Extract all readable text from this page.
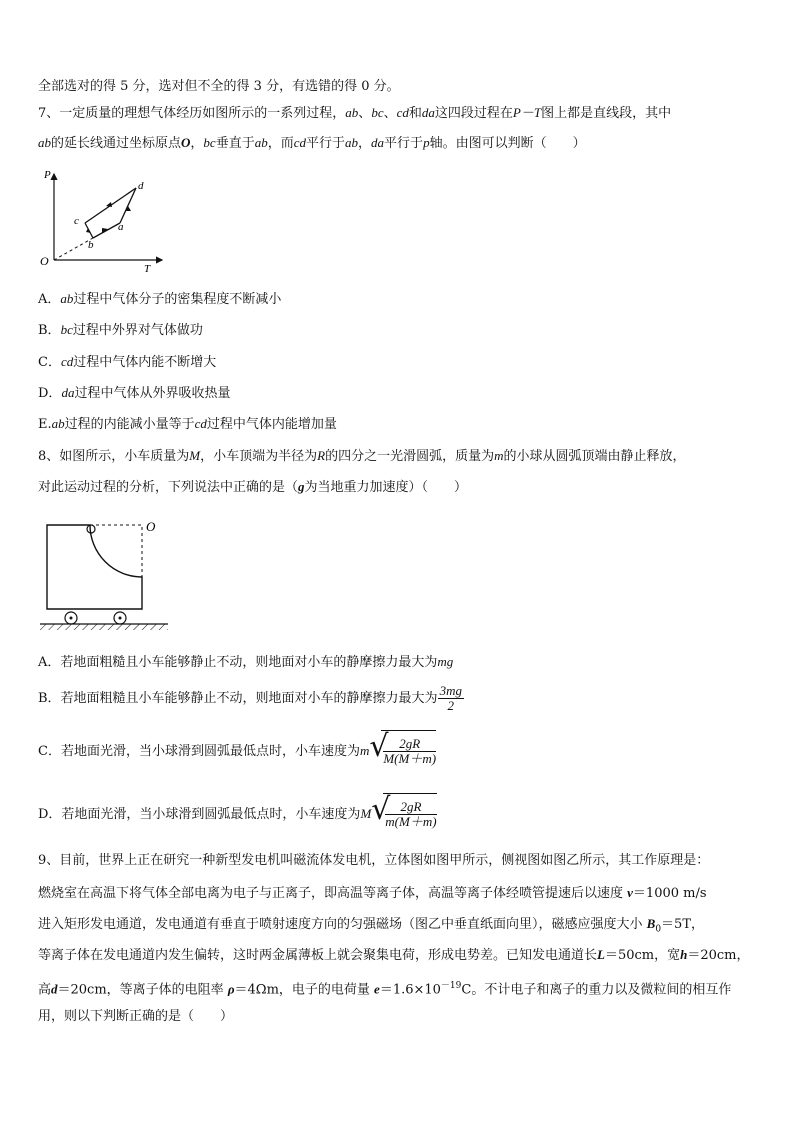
全部选对的得 5 分，选对但不全的得 3 分，有选错的得 0 分。
7、一定质量的理想气体经历如图所示的一系列过程，ab、bc、cd和da这四段过程在P－T图上都是直线段，其中
ab的延长线通过坐标原点O，bc垂直于ab，而cd平行于ab，da平行于p轴。由图可以判断（　　）
P
T
O
a
b
c
d
A．ab过程中气体分子的密集程度不断减小
B．bc过程中外界对气体做功
C．cd过程中气体内能不断增大
D．da过程中气体从外界吸收热量
E.ab过程的内能减小量等于cd过程中气体内能增加量
8、如图所示，小车质量为M，小车顶端为半径为R的四分之一光滑圆弧，质量为m的小球从圆弧顶端由静止释放，
对此运动过程的分析，下列说法中正确的是（g为当地重力加速度）（　　）
O
A．若地面粗糙且小车能够静止不动，则地面对小车的静摩擦力最大为mg
B．若地面粗糙且小车能够静止不动，则地面对小车的静摩擦力最大为 $\frac{3mg}{2}$
C．若地面光滑，当小球滑到圆弧最低点时，小车速度为m √
$\frac{2gR}{M(M+m)}$
D．若地面光滑，当小球滑到圆弧最低点时，小车速度为M √
$\frac{2gR}{m(M+m)}$
9、目前，世界上正在研究一种新型发电机叫磁流体发电机，立体图如图甲所示，侧视图如图乙所示，其工作原理是：
燃烧室在高温下将气体全部电离为电子与正离子，即高温等离子体，高温等离子体经喷管提速后以速度 v＝1000 m/s
进入矩形发电通道，发电通道有垂直于喷射速度方向的匀强磁场（图乙中垂直纸面向里），磁感应强度大小 $B_0=5T$，
等离子体在发电通道内发生偏转，这时两金属薄板上就会聚集电荷，形成电势差。已知发电通道长L＝50cm，宽h＝20cm，
高d＝20cm，等离子体的电阻率 ρ＝4Ωm，电子的电荷量 $e=1.6\times 10^{-19}C$。不计电子和离子的重力以及微粒间的相互作
用，则以下判断正确的是（　　）
